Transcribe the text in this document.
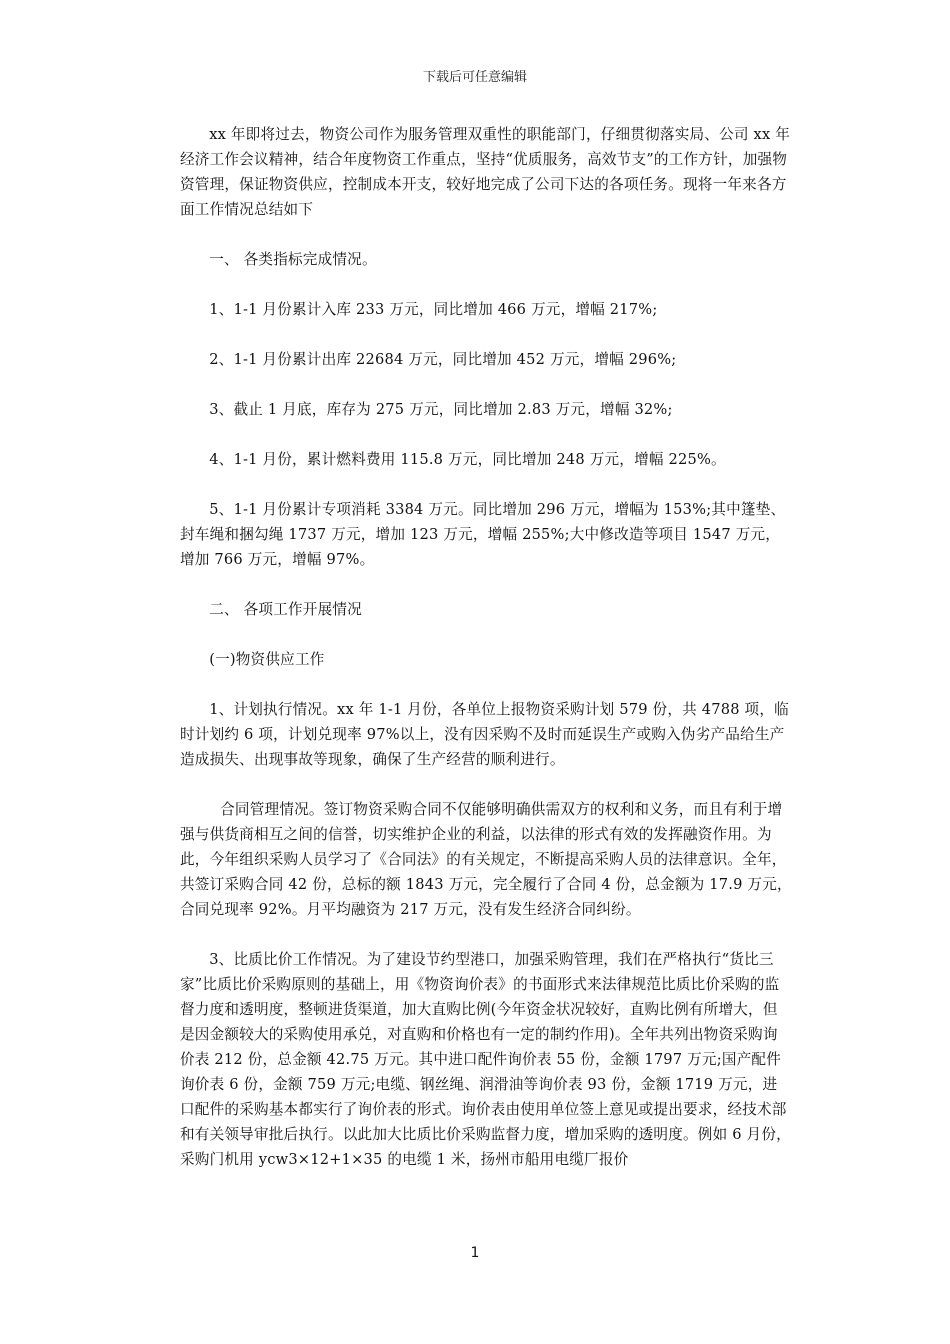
下载后可任意编辑

xx 年即将过去，物资公司作为服务管理双重性的职能部门，仔细贯彻落实局、公司 xx 年经济工作会议精神，结合年度物资工作重点，坚持“优质服务，高效节支”的工作方针，加强物资管理，保证物资供应，控制成本开支，较好地完成了公司下达的各项任务。现将一年来各方面工作情况总结如下

一、 各类指标完成情况。

1、1-1 月份累计入库 233 万元，同比增加 466 万元，增幅 217%;

2、1-1 月份累计出库 22684 万元，同比增加 452 万元，增幅 296%;

3、截止 1 月底，库存为 275 万元，同比增加 2.83 万元，增幅 32%;

4、1-1 月份，累计燃料费用 115.8 万元，同比增加 248 万元，增幅 225%。

5、1-1 月份累计专项消耗 3384 万元。同比增加 296 万元，增幅为 153%;其中篷垫、封车绳和捆勾绳 1737 万元，增加 123 万元，增幅 255%;大中修改造等项目 1547 万元，增加 766 万元，增幅 97%。

二、 各项工作开展情况

(一)物资供应工作

1、计划执行情况。xx 年 1-1 月份，各单位上报物资采购计划 579 份，共 4788 项，临时计划约 6 项，计划兑现率 97%以上，没有因采购不及时而延误生产或购入伪劣产品给生产造成损失、出现事故等现象，确保了生产经营的顺利进行。

合同管理情况。签订物资采购合同不仅能够明确供需双方的权利和义务，而且有利于增强与供货商相互之间的信誉，切实维护企业的利益，以法律的形式有效的发挥融资作用。为此，今年组织采购人员学习了《合同法》的有关规定，不断提高采购人员的法律意识。全年，共签订采购合同 42 份，总标的额 1843 万元，完全履行了合同 4 份，总金额为 17.9 万元，合同兑现率 92%。月平均融资为 217 万元，没有发生经济合同纠纷。

3、比质比价工作情况。为了建设节约型港口，加强采购管理，我们在严格执行“货比三家”比质比价采购原则的基础上，用《物资询价表》的书面形式来法律规范比质比价采购的监督力度和透明度，整顿进货渠道，加大直购比例(今年资金状况较好，直购比例有所增大，但是因金额较大的采购使用承兑，对直购和价格也有一定的制约作用)。全年共列出物资采购询价表 212 份，总金额 42.75 万元。其中进口配件询价表 55 份，金额 1797 万元;国产配件询价表 6 份，金额 759 万元;电缆、钢丝绳、润滑油等询价表 93 份，金额 1719 万元，进口配件的采购基本都实行了询价表的形式。询价表由使用单位签上意见或提出要求，经技术部和有关领导审批后执行。以此加大比质比价采购监督力度，增加采购的透明度。例如 6 月份，采购门机用 ycw3×12+1×35 的电缆 1 米，扬州市船用电缆厂报价

1
